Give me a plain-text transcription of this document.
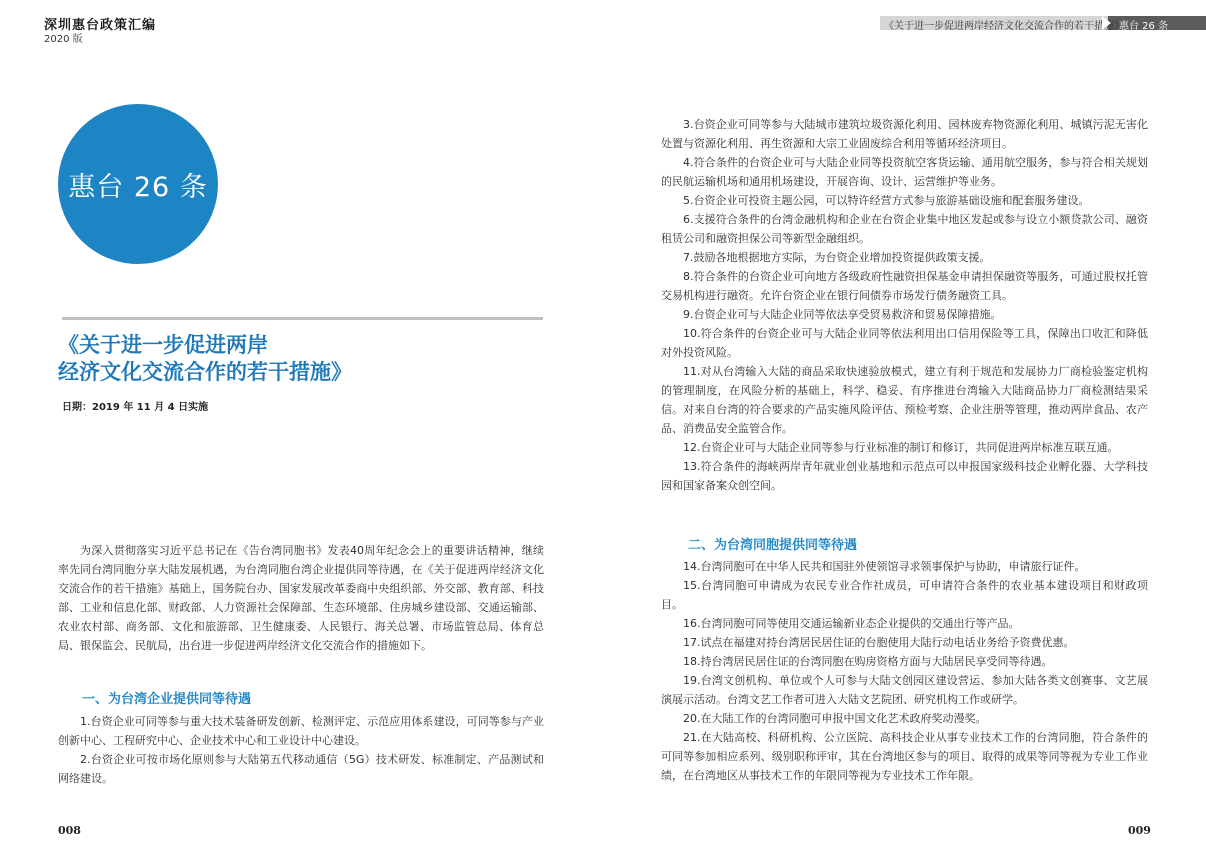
深圳惠台政策汇编
2020 版
《关于进一步促进两岸经济文化交流合作的若干措施》
惠台 26 条
惠台 26 条
《关于进一步促进两岸
经济文化交流合作的若干措施》
日期：2019 年 11 月 4 日实施

为深入贯彻落实习近平总书记在《告台湾同胞书》发表40周年纪念会上的重要讲话精神，继续率先同台湾同胞分享大陆发展机遇，为台湾同胞台湾企业提供同等待遇，在《关于促进两岸经济文化交流合作的若干措施》基础上，国务院台办、国家发展改革委商中央组织部、外交部、教育部、科技部、工业和信息化部、财政部、人力资源社会保障部、生态环境部、住房城乡建设部、交通运输部、农业农村部、商务部、文化和旅游部、卫生健康委、人民银行、海关总署、市场监管总局、体育总局、银保监会、民航局，出台进一步促进两岸经济文化交流合作的措施如下。

一、为台湾企业提供同等待遇

1.台资企业可同等参与重大技术装备研发创新、检测评定、示范应用体系建设，可同等参与产业创新中心、工程研究中心、企业技术中心和工业设计中心建设。

2.台资企业可按市场化原则参与大陆第五代移动通信（5G）技术研发、标准制定、产品测试和网络建设。

3.台资企业可同等参与大陆城市建筑垃圾资源化利用、园林废弃物资源化利用、城镇污泥无害化处置与资源化利用、再生资源和大宗工业固废综合利用等循环经济项目。

4.符合条件的台资企业可与大陆企业同等投资航空客货运输、通用航空服务，参与符合相关规划的民航运输机场和通用机场建设，开展咨询、设计、运营维护等业务。

5.台资企业可投资主题公园，可以特许经营方式参与旅游基础设施和配套服务建设。

6.支援符合条件的台湾金融机构和企业在台资企业集中地区发起或参与设立小额贷款公司、融资租赁公司和融资担保公司等新型金融组织。

7.鼓励各地根据地方实际，为台资企业增加投资提供政策支援。

8.符合条件的台资企业可向地方各级政府性融资担保基金申请担保融资等服务，可通过股权托管交易机构进行融资。允许台资企业在银行间债券市场发行债务融资工具。

9.台资企业可与大陆企业同等依法享受贸易救济和贸易保障措施。

10.符合条件的台资企业可与大陆企业同等依法利用出口信用保险等工具，保障出口收汇和降低对外投资风险。

11.对从台湾输入大陆的商品采取快速验放模式，建立有利于规范和发展协力厂商检验鉴定机构的管理制度，在风险分析的基础上，科学、稳妥、有序推进台湾输入大陆商品协力厂商检测结果采信。对来自台湾的符合要求的产品实施风险评估、预检考察、企业注册等管理，推动两岸食品、农产品、消费品安全监管合作。

12.台资企业可与大陆企业同等参与行业标准的制订和修订，共同促进两岸标准互联互通。

13.符合条件的海峡两岸青年就业创业基地和示范点可以申报国家级科技企业孵化器、大学科技园和国家备案众创空间。

二、为台湾同胞提供同等待遇

14.台湾同胞可在中华人民共和国驻外使领馆寻求领事保护与协助，申请旅行证件。

15.台湾同胞可申请成为农民专业合作社成员，可申请符合条件的农业基本建设项目和财政项目。

16.台湾同胞可同等使用交通运输新业态企业提供的交通出行等产品。

17.试点在福建对持台湾居民居住证的台胞使用大陆行动电话业务给予资费优惠。

18.持台湾居民居住证的台湾同胞在购房资格方面与大陆居民享受同等待遇。

19.台湾文创机构、单位或个人可参与大陆文创园区建设营运、参加大陆各类文创赛事、文艺展演展示活动。台湾文艺工作者可进入大陆文艺院团、研究机构工作或研学。

20.在大陆工作的台湾同胞可申报中国文化艺术政府奖动漫奖。

21.在大陆高校、科研机构、公立医院、高科技企业从事专业技术工作的台湾同胞，符合条件的可同等参加相应系列、级别职称评审，其在台湾地区参与的项目、取得的成果等同等视为专业工作业绩，在台湾地区从事技术工作的年限同等视为专业技术工作年限。

008	009
